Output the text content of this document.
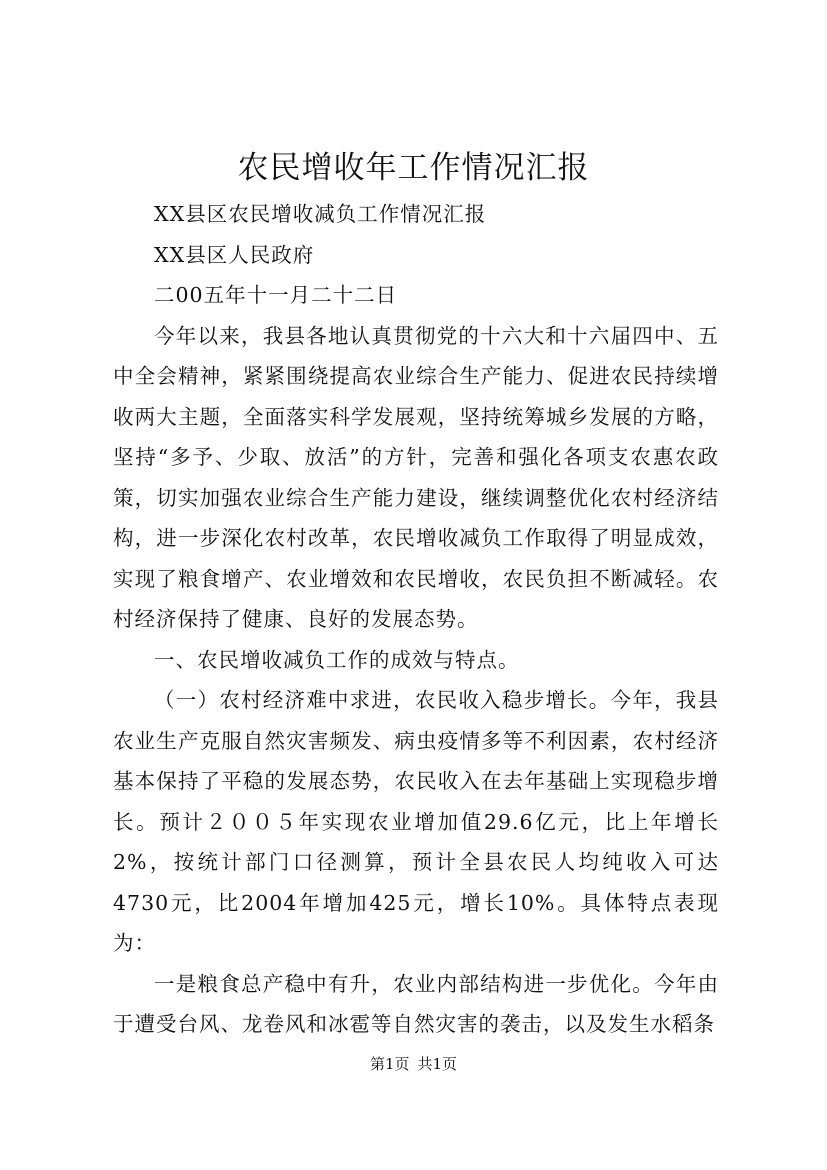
农民增收年工作情况汇报

XX县区农民增收减负工作情况汇报

XX县区人民政府

二00五年十一月二十二日

今年以来，我县各地认真贯彻党的十六大和十六届四中、五中全会精神，紧紧围绕提高农业综合生产能力、促进农民持续增收两大主题，全面落实科学发展观，坚持统筹城乡发展的方略，坚持“多予、少取、放活”的方针，完善和强化各项支农惠农政策，切实加强农业综合生产能力建设，继续调整优化农村经济结构，进一步深化农村改革，农民增收减负工作取得了明显成效，实现了粮食增产、农业增效和农民增收，农民负担不断减轻。农村经济保持了健康、良好的发展态势。

一、农民增收减负工作的成效与特点。

（一）农村经济难中求进，农民收入稳步增长。今年，我县农业生产克服自然灾害频发、病虫疫情多等不利因素，农村经济基本保持了平稳的发展态势，农民收入在去年基础上实现稳步增长。预计２００５年实现农业增加值29.6亿元，比上年增长2%，按统计部门口径测算，预计全县农民人均纯收入可达4730元，比2004年增加425元，增长10%。具体特点表现为：

一是粮食总产稳中有升，农业内部结构进一步优化。今年由于遭受台风、龙卷风和冰雹等自然灾害的袭击，以及发生水稻条

第1页 共1页
